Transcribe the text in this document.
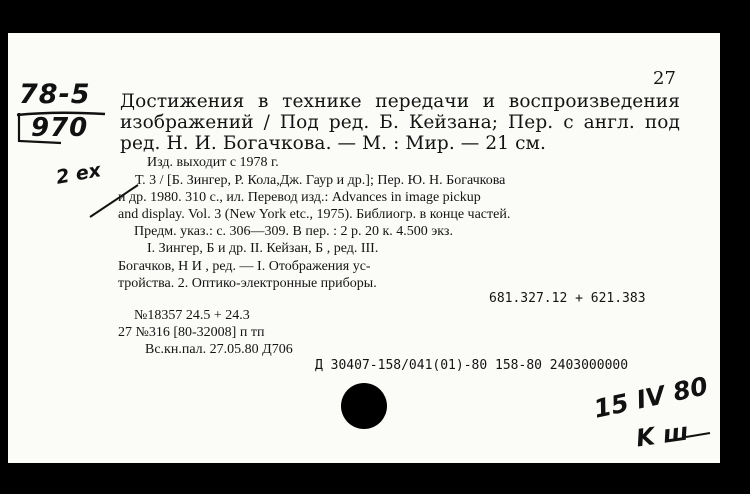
78-5
970
27
Достижения в технике передачи и воспроизведения изображений / Под ред. Б. Кейзана; Пер. с англ. под ред. Н. И. Богачкова. — М. : Мир. — 21 см.
Изд. выходит с 1978 г.
2 ex Т. 3 / [Б. Зингер, Р. Кола,Дж. Гаур и др.]; Пер. Ю. Н. Богачкова
и др. 1980. 310 с., ил. Перевод изд.: Advances in image pickup
and display. Vol. 3 (New York etc., 1975). Библиогр. в конце частей.
Предм. указ.: с. 306—309. В пер. : 2 р. 20 к. 4.500 экз.
I. Зингер, Б и др. II. Кейзан, Б , ред. III.
Богачков, Н И , ред. — I. Отображения ус-
тройства. 2. Оптико-электронные приборы.
681.327.12 + 621.383
№18357 24.5 + 24.3
27 №316 [80-32008] п тп
Вс.кн.пал. 27.05.80 Д706
Д 30407-158/041(01)-80 158-80 2403000000
15 IV 80
K ш
